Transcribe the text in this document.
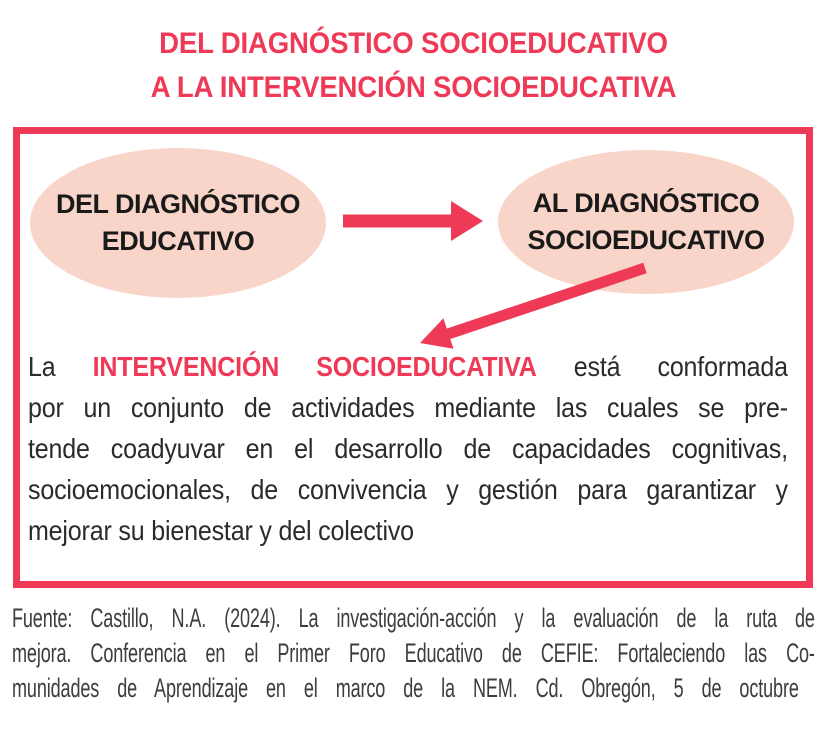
DEL DIAGNÓSTICO SOCIOEDUCATIVO
A LA INTERVENCIÓN SOCIOEDUCATIVA
DEL DIAGNÓSTICO
EDUCATIVO
AL DIAGNÓSTICO
SOCIOEDUCATIVO
La INTERVENCIÓN SOCIOEDUCATIVA está conformada
por un conjunto de actividades mediante las cuales se pre-
tende coadyuvar en el desarrollo de capacidades cognitivas,
socioemocionales, de convivencia y gestión para garantizar y
mejorar su bienestar y del colectivo
Fuente: Castillo, N.A. (2024). La investigación-acción y la evaluación de la ruta de
mejora. Conferencia en el Primer Foro Educativo de CEFIE: Fortaleciendo las Co-
munidades de Aprendizaje en el marco de la NEM. Cd. Obregón, 5 de octubre
